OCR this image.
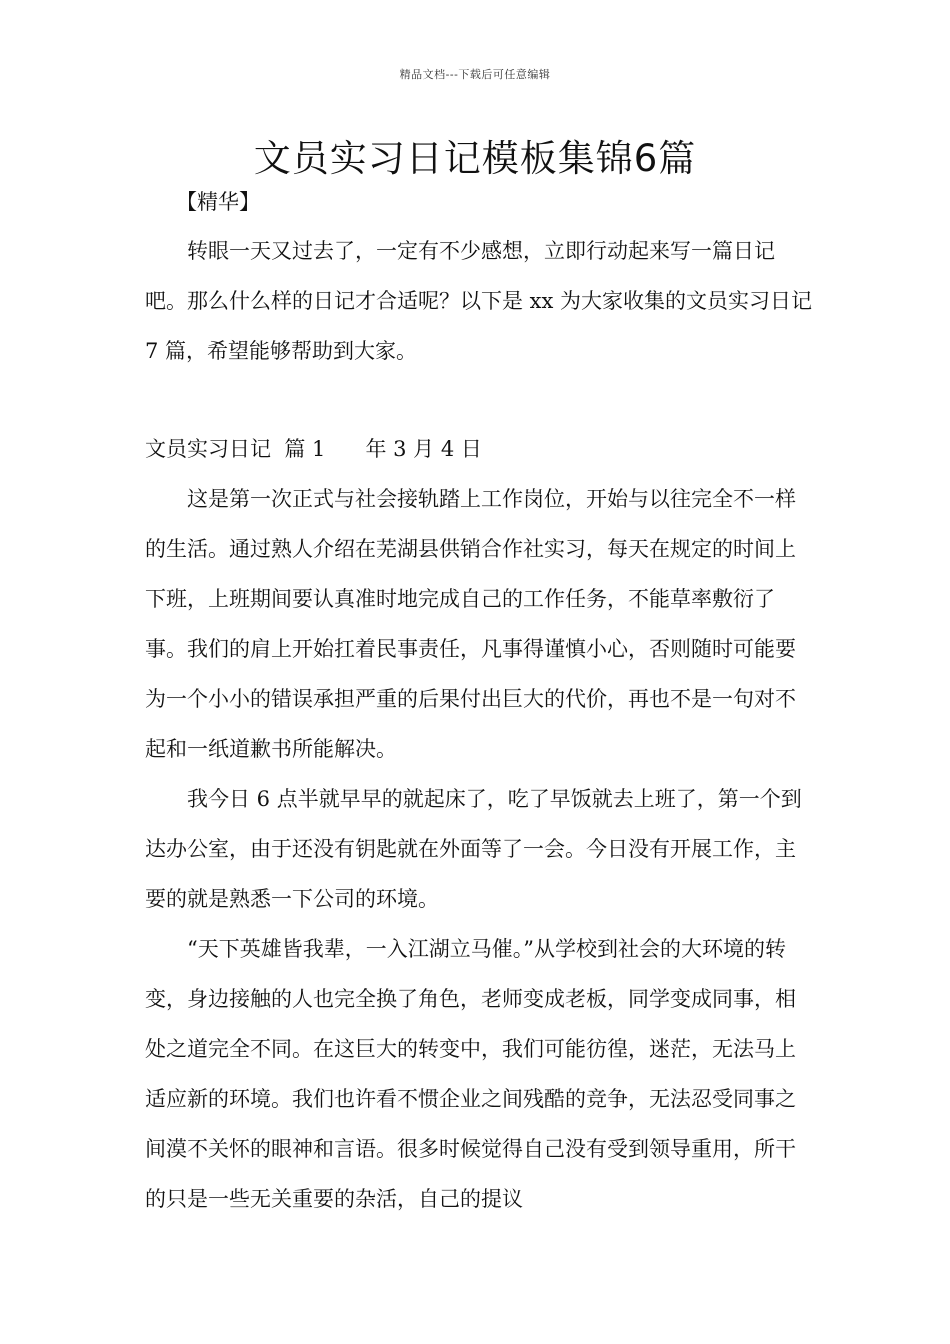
精品文档---下载后可任意编辑
文员实习日记模板集锦6篇
【精华】

转眼一天又过去了，一定有不少感想，立即行动起来写一篇日记吧。那么什么样的日记才合适呢？以下是 xx 为大家收集的文员实习日记 7 篇，希望能够帮助到大家。

文员实习日记  篇 1      年 3 月 4 日

这是第一次正式与社会接轨踏上工作岗位，开始与以往完全不一样的生活。通过熟人介绍在芜湖县供销合作社实习，每天在规定的时间上下班，上班期间要认真准时地完成自己的工作任务，不能草率敷衍了事。我们的肩上开始扛着民事责任，凡事得谨慎小心，否则随时可能要为一个小小的错误承担严重的后果付出巨大的代价，再也不是一句对不起和一纸道歉书所能解决。

我今日 6 点半就早早的就起床了，吃了早饭就去上班了，第一个到达办公室，由于还没有钥匙就在外面等了一会。今日没有开展工作，主要的就是熟悉一下公司的环境。

“天下英雄皆我辈，一入江湖立马催。”从学校到社会的大环境的转变，身边接触的人也完全换了角色，老师变成老板，同学变成同事，相处之道完全不同。在这巨大的转变中，我们可能彷徨，迷茫，无法马上适应新的环境。我们也许看不惯企业之间残酷的竞争，无法忍受同事之间漠不关怀的眼神和言语。很多时候觉得自己没有受到领导重用，所干的只是一些无关重要的杂活，自己的提议
